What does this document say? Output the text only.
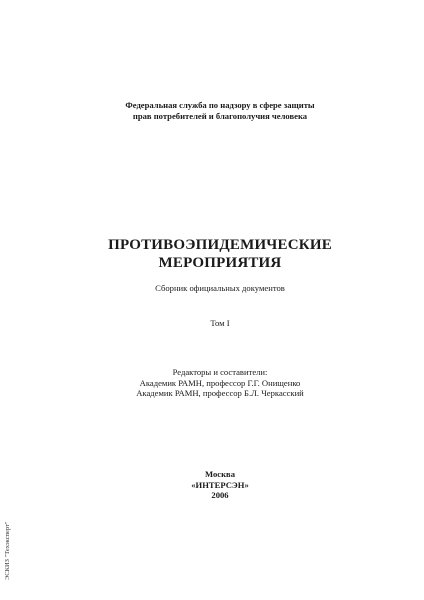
Федеральная служба по надзору в сфере защиты
прав потребителей и благополучия человека
ПРОТИВОЭПИДЕМИЧЕСКИЕ
МЕРОПРИЯТИЯ
Сборник официальных документов
Том I
Редакторы и составители:
Академик РАМН, профессор Г.Г. Онищенко
Академик РАМН, профессор Б.Л. Черкасский
Москва
«ИНТЕРСЭН»
2006
ЭСКИЗ "Техэксперт"
